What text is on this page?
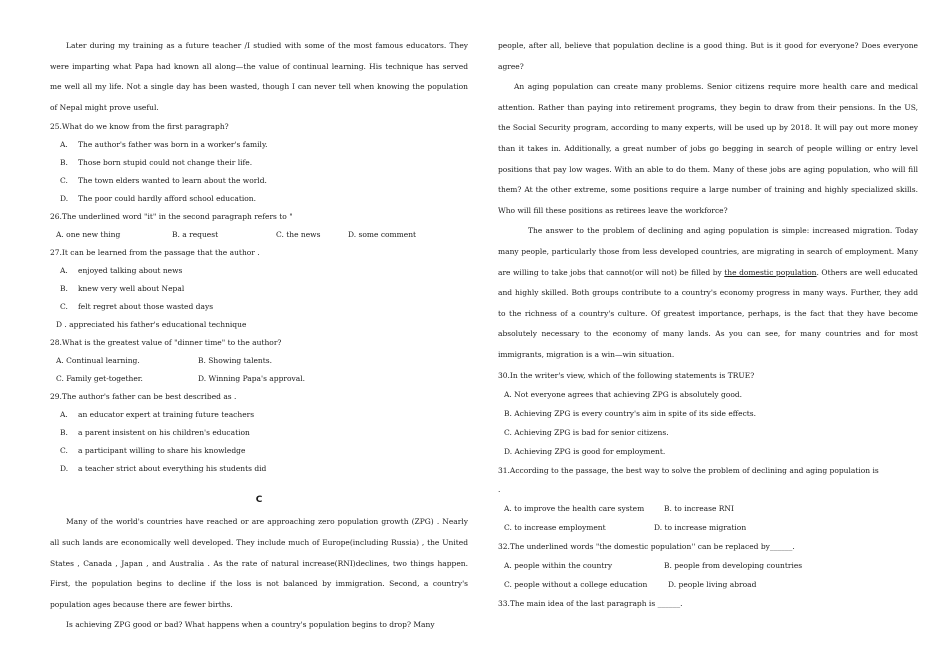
Later during my training as a future teacher /I studied with some of the most famous educators. They were imparting what Papa had known all along—the value of continual learning. His technique has served me well all my life. Not a single day has been wasted, though I can never tell when knowing the population of Nepal might prove useful.

25.What do we know from the first paragraph?
A.	The author's father was born in a worker's family.
B.	Those born stupid could not change their life.
C.	The town elders wanted to learn about the world.
D.	The poor could hardly afford school education.
26.The underlined word "it" in the second paragraph refers to "
A. one new thing	B. a request	C. the news	D. some comment
27.It can be learned from the passage that the author .
A.	enjoyed talking about news
B.	knew very well about Nepal
C.	felt regret about those wasted days
D . appreciated his father's educational technique
28.What is the greatest value of "dinner time" to the author?
A. Continual learning.	B. Showing talents.
C. Family get-together.	D. Winning Papa's approval.
29.The author's father can be best described as .
A.	an educator expert at training future teachers
B.	a parent insistent on his children's education
C.	a participant willing to share his knowledge
D.	a teacher strict about everything his students did
C

Many of the world's countries have reached or are approaching zero population growth (ZPG) . Nearly all such lands are economically well developed. They include much of Europe(including Russia) , the United States , Canada , Japan , and Australia . As the rate of natural increase(RNI)declines, two things happen. First, the population begins to decline if the loss is not balanced by immigration. Second, a country's population ages because there are fewer births.

Is achieving ZPG good or bad? What happens when a country's population begins to drop? Many

people, after all, believe that population decline is a good thing. But is it good for everyone? Does everyone agree?

An aging population can create many problems. Senior citizens require more health care and medical attention. Rather than paying into retirement programs, they begin to draw from their pensions. In the US, the Social Security program, according to many experts, will be used up by 2018. It will pay out more money than it takes in. Additionally, a great number of jobs go begging in search of people willing or entry level positions that pay low wages. With an able to do them. Many of these jobs are aging population, who will fill them? At the other extreme, some positions require a large number of training and highly specialized skills. Who will fill these positions as retirees leave the workforce?

The answer to the problem of declining and aging population is simple: increased migration. Today many people, particularly those from less developed countries, are migrating in search of employment. Many are willing to take jobs that cannot(or will not) be filled by the domestic population. Others are well educated and highly skilled. Both groups contribute to a country's economy progress in many ways. Further, they add to the richness of a country's culture. Of greatest importance, perhaps, is the fact that they have become absolutely necessary to the economy of many lands. As you can see, for many countries and for most immigrants, migration is a win—win situation.

30.In the writer's view, which of the following statements is TRUE?
A. Not everyone agrees that achieving ZPG is absolutely good.
B. Achieving ZPG is every country's aim in spite of its side effects.
C. Achieving ZPG is bad for senior citizens.
D. Achieving ZPG is good for employment.
31.According to the passage, the best way to solve the problem of declining and aging population is
.
A. to improve the health care system	B. to increase RNI
C. to increase employment	D. to increase migration
32.The underlined words "the domestic population'' can be replaced by______.
A. people within the country	B. people from developing countries
C. people without a college education	D. people living abroad
33.The main idea of the last paragraph is ______.
